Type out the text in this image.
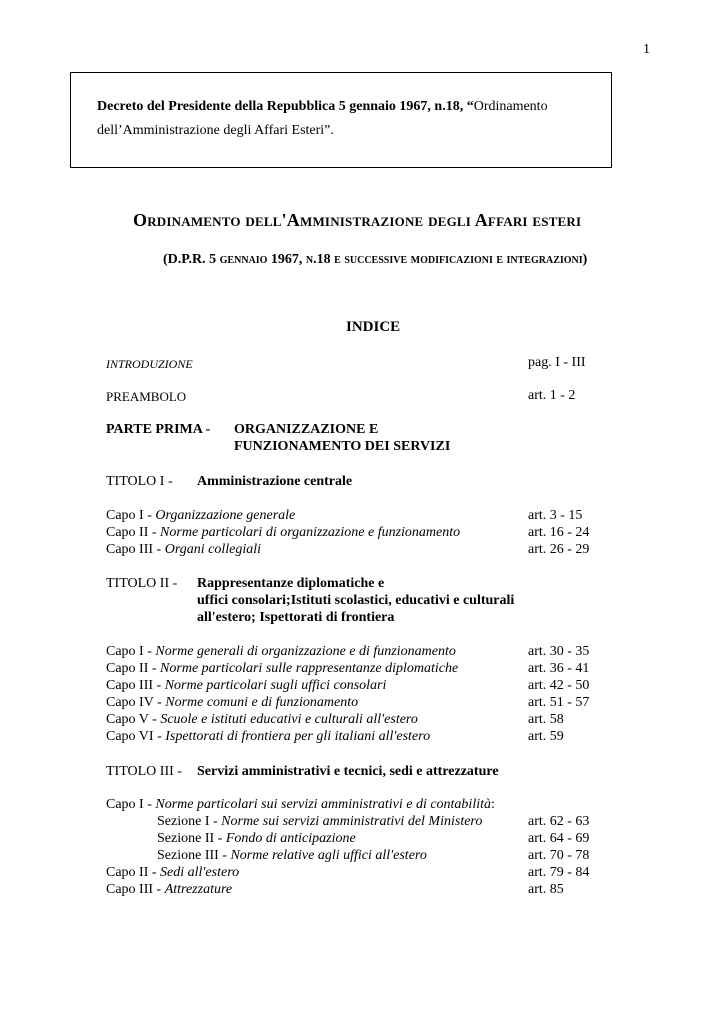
1
Decreto del Presidente della Repubblica 5 gennaio 1967, n.18, “Ordinamento
dell’Amministrazione degli Affari Esteri”.
Ordinamento dell'Amministrazione degli Affari esteri
(D.P.R. 5 gennaio 1967, n.18 e successive modificazioni e integrazioni)
INDICE
INTRODUZIONE	pag. I - III
PREAMBOLO	art. 1 - 2
PARTE PRIMA - ORGANIZZAZIONE E
FUNZIONAMENTO DEI SERVIZI
TITOLO I - Amministrazione centrale
Capo I - Organizzazione generale	art. 3 - 15
Capo II - Norme particolari di organizzazione e funzionamento	art. 16 - 24
Capo III - Organi collegiali	art. 26 - 29
TITOLO II - Rappresentanze diplomatiche e
uffici consolari;Istituti scolastici, educativi e culturali
all'estero; Ispettorati di frontiera
Capo I - Norme generali di organizzazione e di funzionamento	art. 30 - 35
Capo II - Norme particolari sulle rappresentanze diplomatiche	art. 36 - 41
Capo III - Norme particolari sugli uffici consolari	art. 42 - 50
Capo IV - Norme comuni e di funzionamento	art. 51 - 57
Capo V - Scuole e istituti educativi e culturali all'estero	art. 58
Capo VI - Ispettorati di frontiera per gli italiani all'estero	art. 59
TITOLO III - Servizi amministrativi e tecnici, sedi e attrezzature
Capo I - Norme particolari sui servizi amministrativi e di contabilità:
Sezione I - Norme sui servizi amministrativi del Ministero	art. 62 - 63
Sezione II - Fondo di anticipazione	art. 64 - 69
Sezione III - Norme relative agli uffici all'estero	art. 70 - 78
Capo II - Sedi all'estero	art. 79 - 84
Capo III - Attrezzature	art. 85
